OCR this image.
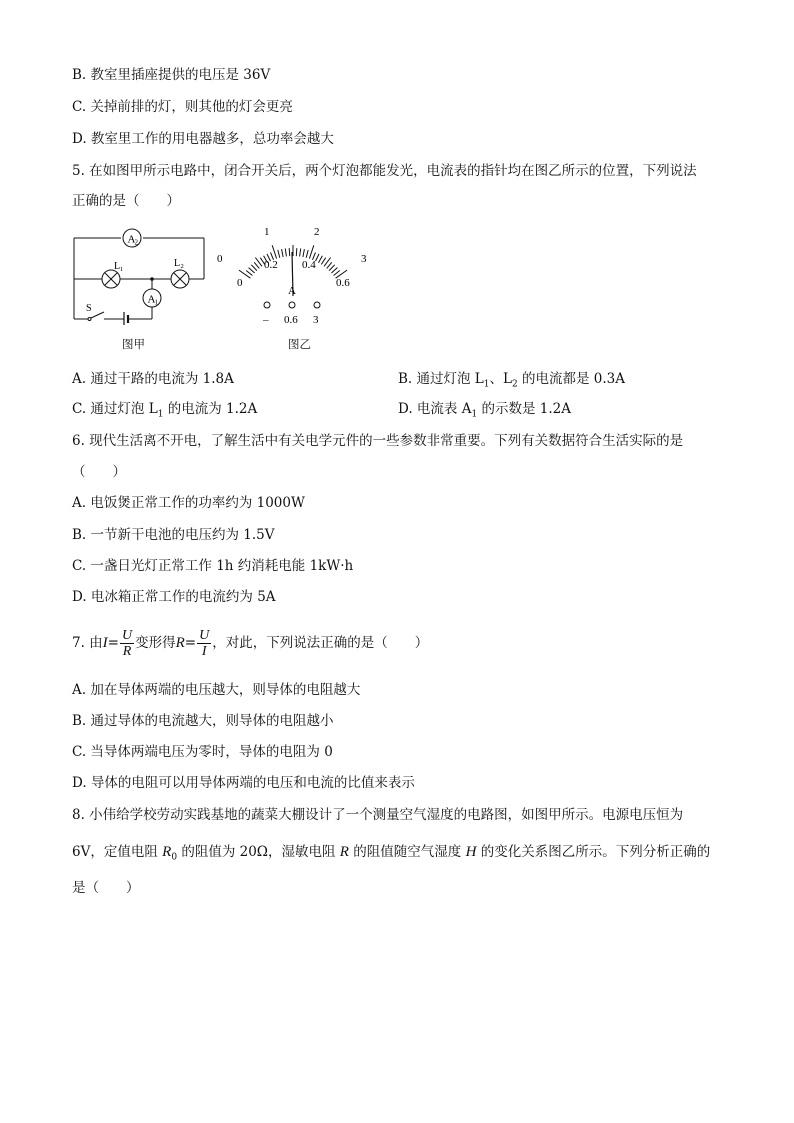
B. 教室里插座提供的电压是 36V
C. 关掉前排的灯，则其他的灯会更亮
D. 教室里工作的用电器越多，总功率会越大
5. 在如图甲所示电路中，闭合开关后，两个灯泡都能发光，电流表的指针均在图乙所示的位置，下列说法
正确的是（　　）
A 2
L 1
L 2
A 1
S
图甲
0
1	2
3
0
0.2 0.4
0.6
A
– 0.6 3
图乙
A. 通过干路的电流为 1.8A	B. 通过灯泡 $L_1$、$L_2$ 的电流都是 0.3A
C. 通过灯泡 $L_1$ 的电流为 1.2A	D. 电流表 $A_1$ 的示数是 1.2A
6. 现代生活离不开电，了解生活中有关电学元件的一些参数非常重要。下列有关数据符合生活实际的是
（　　）
A. 电饭煲正常工作的功率约为 1000W
B. 一节新干电池的电压约为 1.5V
C. 一盏日光灯正常工作 1h 约消耗电能 1kW·h
D. 电冰箱正常工作的电流约为 5A
7. 由$I= \frac{U}{R}$ 变形得$R= \frac{U}{I}$ ，对此，下列说法正确的是（　　）
A. 加在导体两端的电压越大，则导体的电阻越大
B. 通过导体的电流越大，则导体的电阻越小
C. 当导体两端电压为零时，导体的电阻为 0
D. 导体的电阻可以用导体两端的电压和电流的比值来表示
8. 小伟给学校劳动实践基地的蔬菜大棚设计了一个测量空气湿度的电路图，如图甲所示。电源电压恒为
6V，定值电阻 $R_0$ 的阻值为 20Ω，湿敏电阻 R 的阻值随空气湿度 H 的变化关系图乙所示。下列分析正确的
是（　　）
